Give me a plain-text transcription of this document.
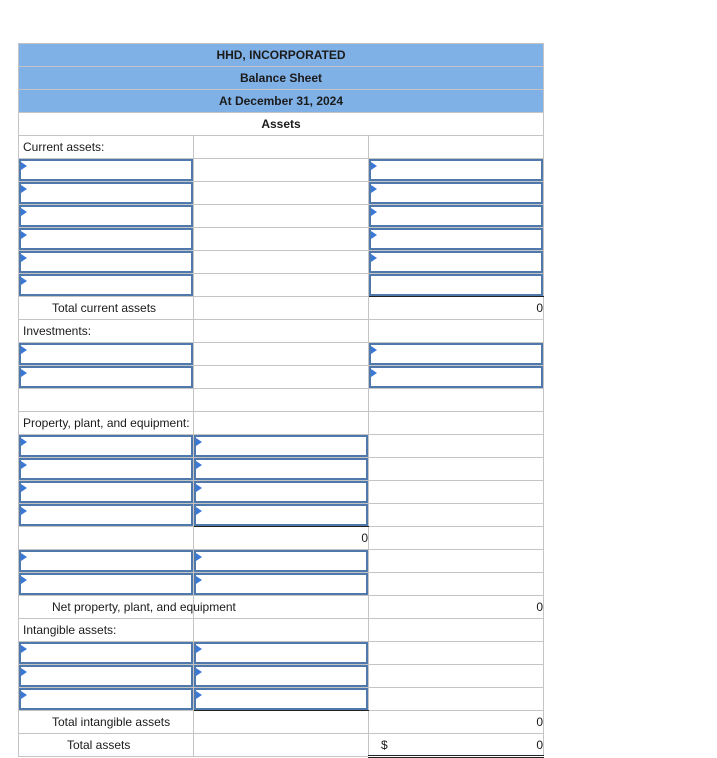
HHD, INCORPORATED		
Balance Sheet		
At December 31, 2024		
Assets		
Current assets:		

Total current assets		0
Investments:		

Property, plant, and equipment:		

	0	

Net property, plant, and equipment		0
Intangible assets:		

Total intangible assets		0
Total assets		$ 0
